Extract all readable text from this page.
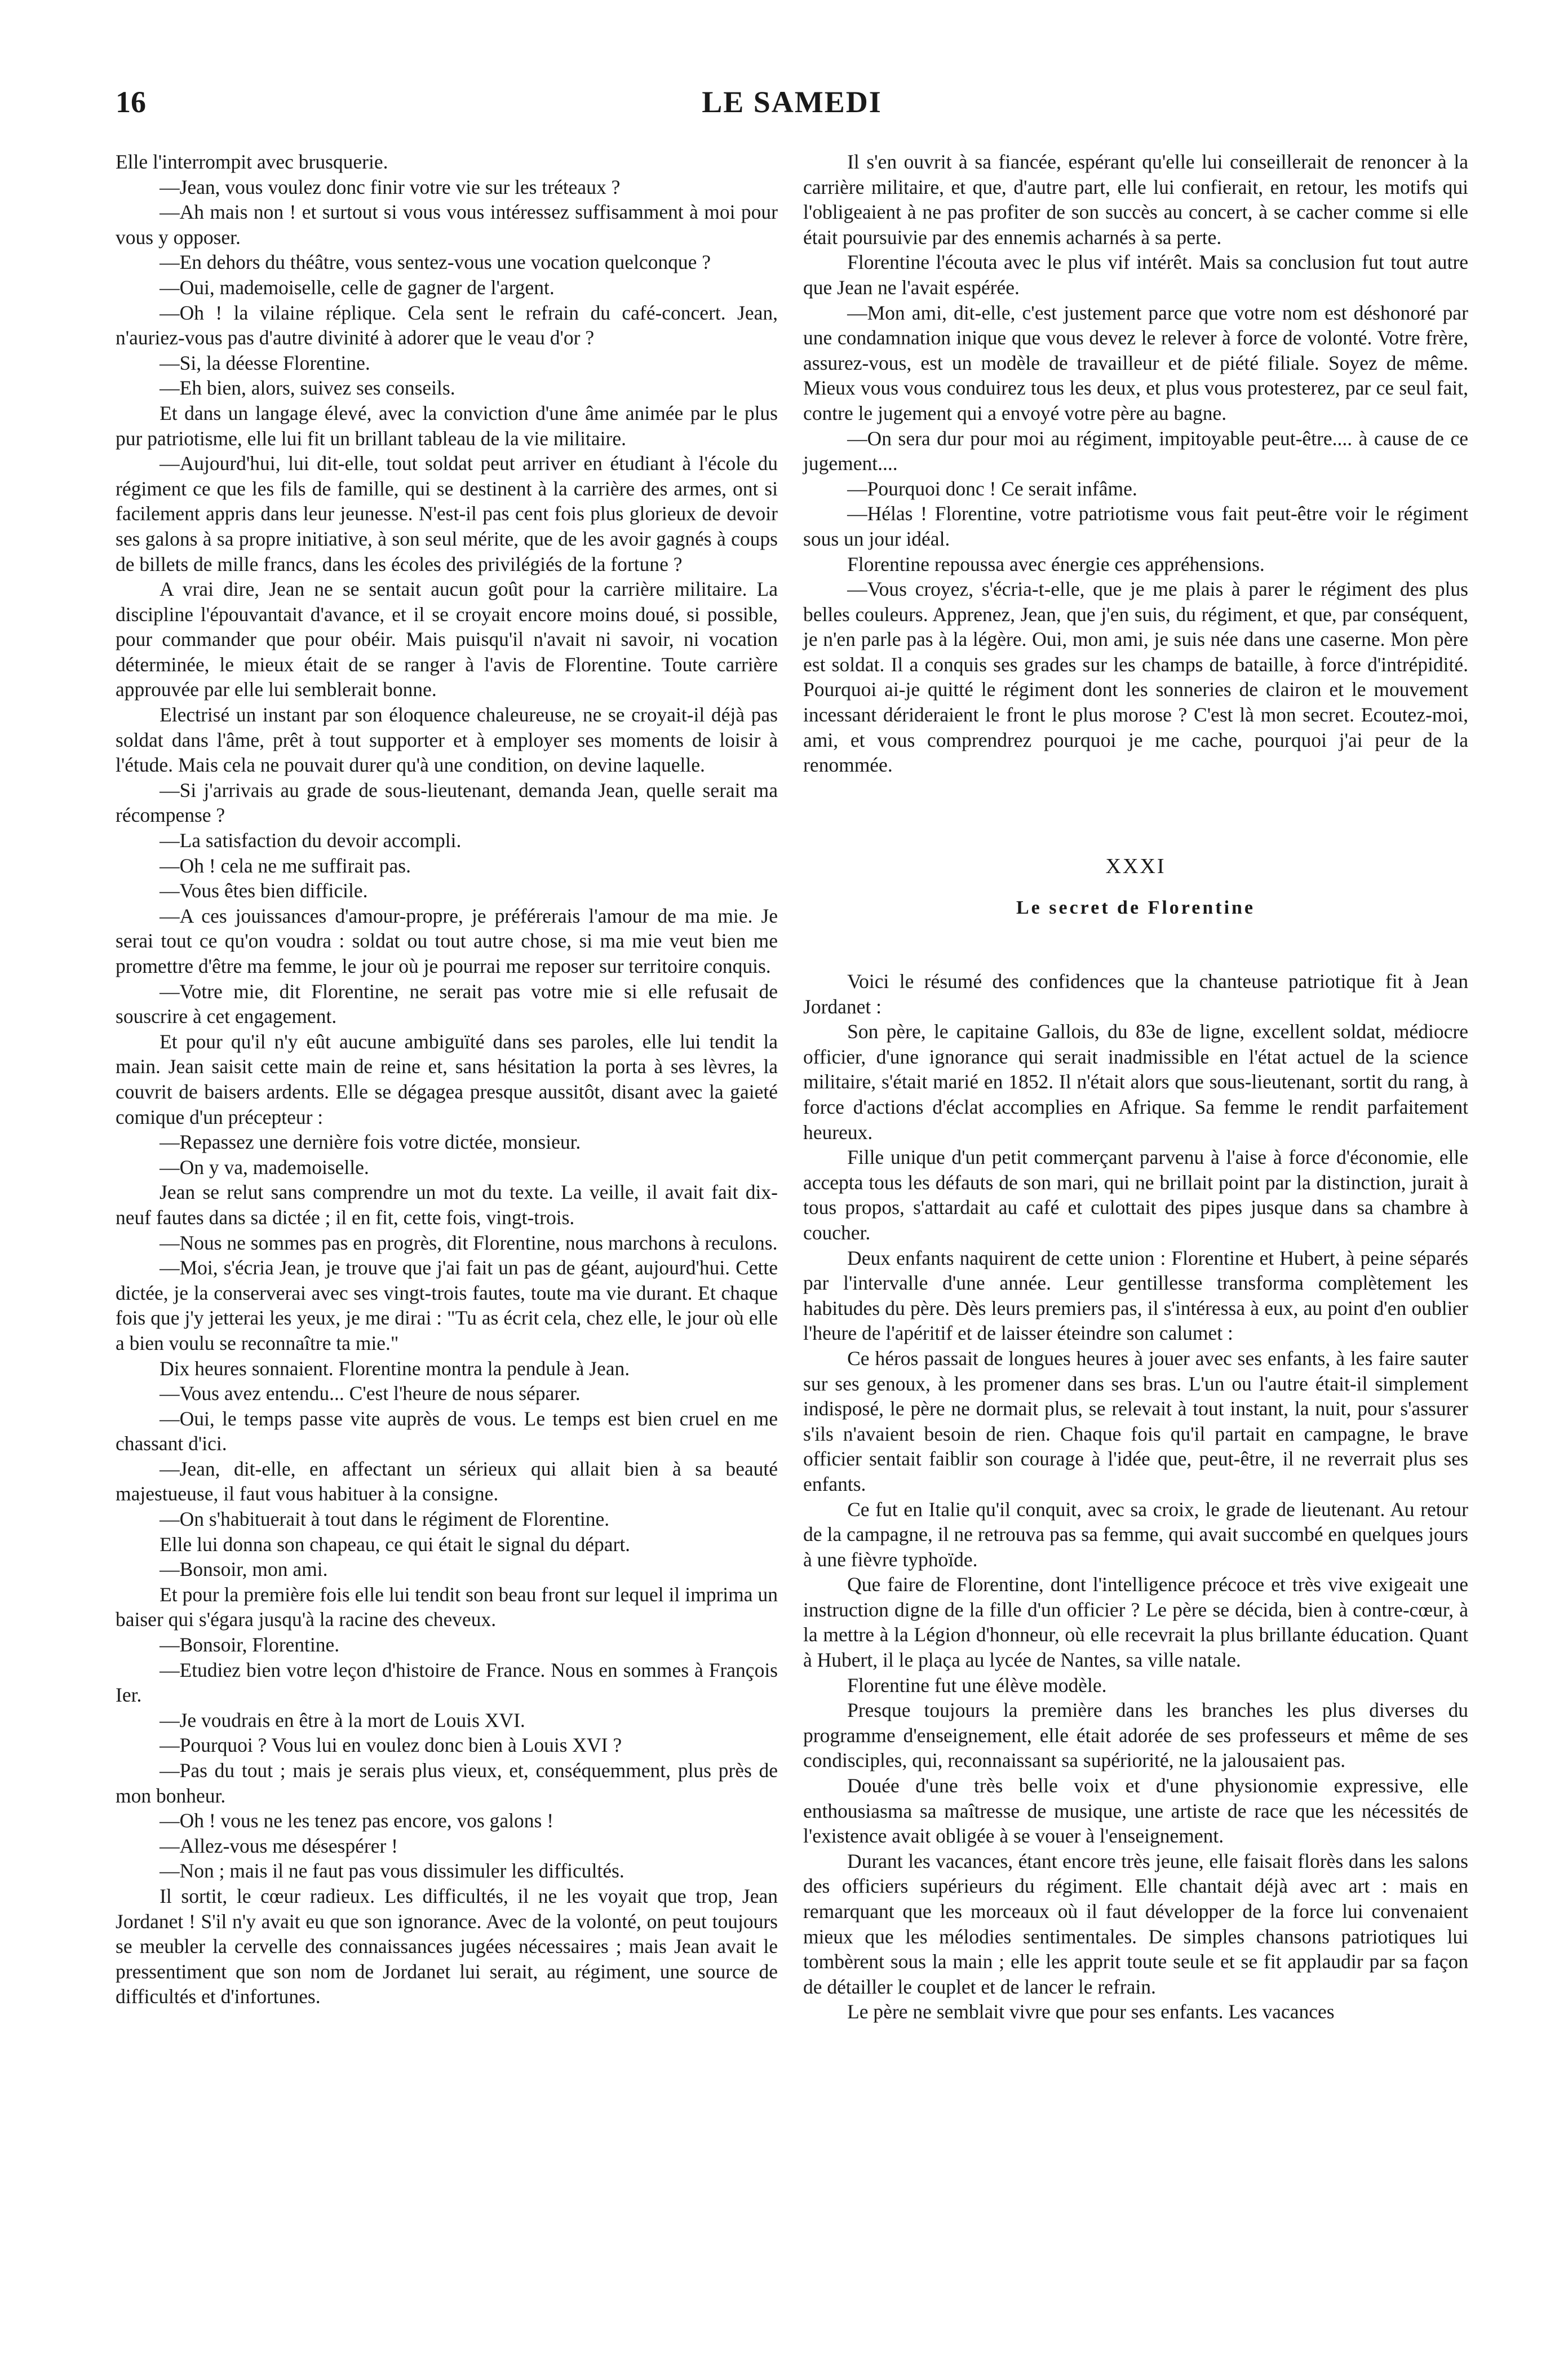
16	LE SAMEDI

Elle l'interrompit avec brusquerie.

—Jean, vous voulez donc finir votre vie sur les tréteaux ?

—Ah mais non ! et surtout si vous vous intéressez suffisamment à moi pour vous y opposer.

—En dehors du théâtre, vous sentez-vous une vocation quelconque ?

—Oui, mademoiselle, celle de gagner de l'argent.

—Oh ! la vilaine réplique. Cela sent le refrain du café-concert. Jean, n'auriez-vous pas d'autre divinité à adorer que le veau d'or ?

—Si, la déesse Florentine.

—Eh bien, alors, suivez ses conseils.

Et dans un langage élevé, avec la conviction d'une âme animée par le plus pur patriotisme, elle lui fit un brillant tableau de la vie militaire.

—Aujourd'hui, lui dit-elle, tout soldat peut arriver en étudiant à l'école du régiment ce que les fils de famille, qui se destinent à la carrière des armes, ont si facilement appris dans leur jeunesse. N'est-il pas cent fois plus glorieux de devoir ses galons à sa propre initiative, à son seul mérite, que de les avoir gagnés à coups de billets de mille francs, dans les écoles des privilégiés de la fortune ?

A vrai dire, Jean ne se sentait aucun goût pour la carrière militaire. La discipline l'épouvantait d'avance, et il se croyait encore moins doué, si possible, pour commander que pour obéir. Mais puisqu'il n'avait ni savoir, ni vocation déterminée, le mieux était de se ranger à l'avis de Florentine. Toute carrière approuvée par elle lui semblerait bonne.

Electrisé un instant par son éloquence chaleureuse, ne se croyait-il déjà pas soldat dans l'âme, prêt à tout supporter et à employer ses moments de loisir à l'étude. Mais cela ne pouvait durer qu'à une condition, on devine laquelle.

—Si j'arrivais au grade de sous-lieutenant, demanda Jean, quelle serait ma récompense ?

—La satisfaction du devoir accompli.

—Oh ! cela ne me suffirait pas.

—Vous êtes bien difficile.

—A ces jouissances d'amour-propre, je préférerais l'amour de ma mie. Je serai tout ce qu'on voudra : soldat ou tout autre chose, si ma mie veut bien me promettre d'être ma femme, le jour où je pourrai me reposer sur territoire conquis.

—Votre mie, dit Florentine, ne serait pas votre mie si elle refusait de souscrire à cet engagement.

Et pour qu'il n'y eût aucune ambiguïté dans ses paroles, elle lui tendit la main. Jean saisit cette main de reine et, sans hésitation la porta à ses lèvres, la couvrit de baisers ardents. Elle se dégagea presque aussitôt, disant avec la gaieté comique d'un précepteur :

—Repassez une dernière fois votre dictée, monsieur.

—On y va, mademoiselle.

Jean se relut sans comprendre un mot du texte. La veille, il avait fait dix-neuf fautes dans sa dictée ; il en fit, cette fois, vingt-trois.

—Nous ne sommes pas en progrès, dit Florentine, nous marchons à reculons.

—Moi, s'écria Jean, je trouve que j'ai fait un pas de géant, aujourd'hui. Cette dictée, je la conserverai avec ses vingt-trois fautes, toute ma vie durant. Et chaque fois que j'y jetterai les yeux, je me dirai : "Tu as écrit cela, chez elle, le jour où elle a bien voulu se reconnaître ta mie."

Dix heures sonnaient. Florentine montra la pendule à Jean.

—Vous avez entendu... C'est l'heure de nous séparer.

—Oui, le temps passe vite auprès de vous. Le temps est bien cruel en me chassant d'ici.

—Jean, dit-elle, en affectant un sérieux qui allait bien à sa beauté majestueuse, il faut vous habituer à la consigne.

—On s'habituerait à tout dans le régiment de Florentine.

Elle lui donna son chapeau, ce qui était le signal du départ.

—Bonsoir, mon ami.

Et pour la première fois elle lui tendit son beau front sur lequel il imprima un baiser qui s'égara jusqu'à la racine des cheveux.

—Bonsoir, Florentine.

—Etudiez bien votre leçon d'histoire de France. Nous en sommes à François Ier.

—Je voudrais en être à la mort de Louis XVI.

—Pourquoi ? Vous lui en voulez donc bien à Louis XVI ?

—Pas du tout ; mais je serais plus vieux, et, conséquemment, plus près de mon bonheur.

—Oh ! vous ne les tenez pas encore, vos galons !

—Allez-vous me désespérer !

—Non ; mais il ne faut pas vous dissimuler les difficultés.

Il sortit, le cœur radieux. Les difficultés, il ne les voyait que trop, Jean Jordanet ! S'il n'y avait eu que son ignorance. Avec de la volonté, on peut toujours se meubler la cervelle des connaissances jugées nécessaires ; mais Jean avait le pressentiment que son nom de Jordanet lui serait, au régiment, une source de difficultés et d'infortunes.

Il s'en ouvrit à sa fiancée, espérant qu'elle lui conseillerait de renoncer à la carrière militaire, et que, d'autre part, elle lui confierait, en retour, les motifs qui l'obligeaient à ne pas profiter de son succès au concert, à se cacher comme si elle était poursuivie par des ennemis acharnés à sa perte.

Florentine l'écouta avec le plus vif intérêt. Mais sa conclusion fut tout autre que Jean ne l'avait espérée.

—Mon ami, dit-elle, c'est justement parce que votre nom est déshonoré par une condamnation inique que vous devez le relever à force de volonté. Votre frère, assurez-vous, est un modèle de travailleur et de piété filiale. Soyez de même. Mieux vous vous conduirez tous les deux, et plus vous protesterez, par ce seul fait, contre le jugement qui a envoyé votre père au bagne.

—On sera dur pour moi au régiment, impitoyable peut-être.... à cause de ce jugement....

—Pourquoi donc ! Ce serait infâme.

—Hélas ! Florentine, votre patriotisme vous fait peut-être voir le régiment sous un jour idéal.

Florentine repoussa avec énergie ces appréhensions.

—Vous croyez, s'écria-t-elle, que je me plais à parer le régiment des plus belles couleurs. Apprenez, Jean, que j'en suis, du régiment, et que, par conséquent, je n'en parle pas à la légère. Oui, mon ami, je suis née dans une caserne. Mon père est soldat. Il a conquis ses grades sur les champs de bataille, à force d'intrépidité. Pourquoi ai-je quitté le régiment dont les sonneries de clairon et le mouvement incessant dérideraient le front le plus morose ? C'est là mon secret. Ecoutez-moi, ami, et vous comprendrez pourquoi je me cache, pourquoi j'ai peur de la renommée.

XXXI
Le secret de Florentine

Voici le résumé des confidences que la chanteuse patriotique fit à Jean Jordanet :

Son père, le capitaine Gallois, du 83e de ligne, excellent soldat, médiocre officier, d'une ignorance qui serait inadmissible en l'état actuel de la science militaire, s'était marié en 1852. Il n'était alors que sous-lieutenant, sortit du rang, à force d'actions d'éclat accomplies en Afrique. Sa femme le rendit parfaitement heureux.

Fille unique d'un petit commerçant parvenu à l'aise à force d'économie, elle accepta tous les défauts de son mari, qui ne brillait point par la distinction, jurait à tous propos, s'attardait au café et culottait des pipes jusque dans sa chambre à coucher.

Deux enfants naquirent de cette union : Florentine et Hubert, à peine séparés par l'intervalle d'une année. Leur gentillesse transforma complètement les habitudes du père. Dès leurs premiers pas, il s'intéressa à eux, au point d'en oublier l'heure de l'apéritif et de laisser éteindre son calumet :

Ce héros passait de longues heures à jouer avec ses enfants, à les faire sauter sur ses genoux, à les promener dans ses bras. L'un ou l'autre était-il simplement indisposé, le père ne dormait plus, se relevait à tout instant, la nuit, pour s'assurer s'ils n'avaient besoin de rien. Chaque fois qu'il partait en campagne, le brave officier sentait faiblir son courage à l'idée que, peut-être, il ne reverrait plus ses enfants.

Ce fut en Italie qu'il conquit, avec sa croix, le grade de lieutenant. Au retour de la campagne, il ne retrouva pas sa femme, qui avait succombé en quelques jours à une fièvre typhoïde.

Que faire de Florentine, dont l'intelligence précoce et très vive exigeait une instruction digne de la fille d'un officier ? Le père se décida, bien à contre-cœur, à la mettre à la Légion d'honneur, où elle recevrait la plus brillante éducation. Quant à Hubert, il le plaça au lycée de Nantes, sa ville natale.

Florentine fut une élève modèle.

Presque toujours la première dans les branches les plus diverses du programme d'enseignement, elle était adorée de ses professeurs et même de ses condisciples, qui, reconnaissant sa supériorité, ne la jalousaient pas.

Douée d'une très belle voix et d'une physionomie expressive, elle enthousiasma sa maîtresse de musique, une artiste de race que les nécessités de l'existence avait obligée à se vouer à l'enseignement.

Durant les vacances, étant encore très jeune, elle faisait florès dans les salons des officiers supérieurs du régiment. Elle chantait déjà avec art : mais en remarquant que les morceaux où il faut développer de la force lui convenaient mieux que les mélodies sentimentales. De simples chansons patriotiques lui tombèrent sous la main ; elle les apprit toute seule et se fit applaudir par sa façon de détailler le couplet et de lancer le refrain.

Le père ne semblait vivre que pour ses enfants. Les vacances
